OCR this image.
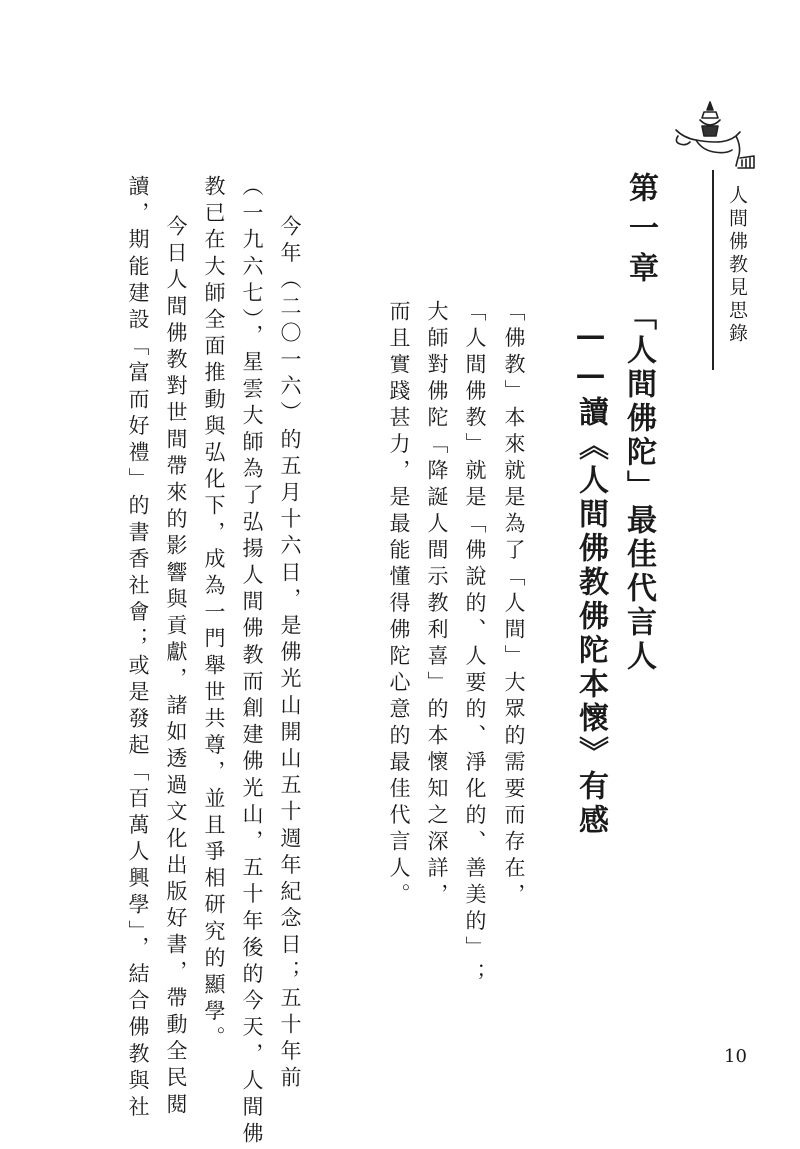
人間佛教見思錄
第一章
「人間佛陀」最佳代言人
——讀《人間佛教佛陀本懷》有感
「佛教」本來就是為了「人間」大眾的需要而存在，
「人間佛教」就是「佛說的、人要的、淨化的、善美的」；
大師對佛陀「降誕人間示教利喜」的本懷知之深詳，
而且實踐甚力，是最能懂得佛陀心意的最佳代言人。
今年（二〇一六）的五月十六日，是佛光山開山五十週年紀念日；五十年前
（一九六七），星雲大師為了弘揚人間佛教而創建佛光山，五十年後的今天，人間佛
教已在大師全面推動與弘化下，成為一門舉世共尊，並且爭相研究的顯學。
今日人間佛教對世間帶來的影響與貢獻，諸如透過文化出版好書，帶動全民閱
讀，期能建設「富而好禮」的書香社會；或是發起「百萬人興學」，結合佛教與社	10
